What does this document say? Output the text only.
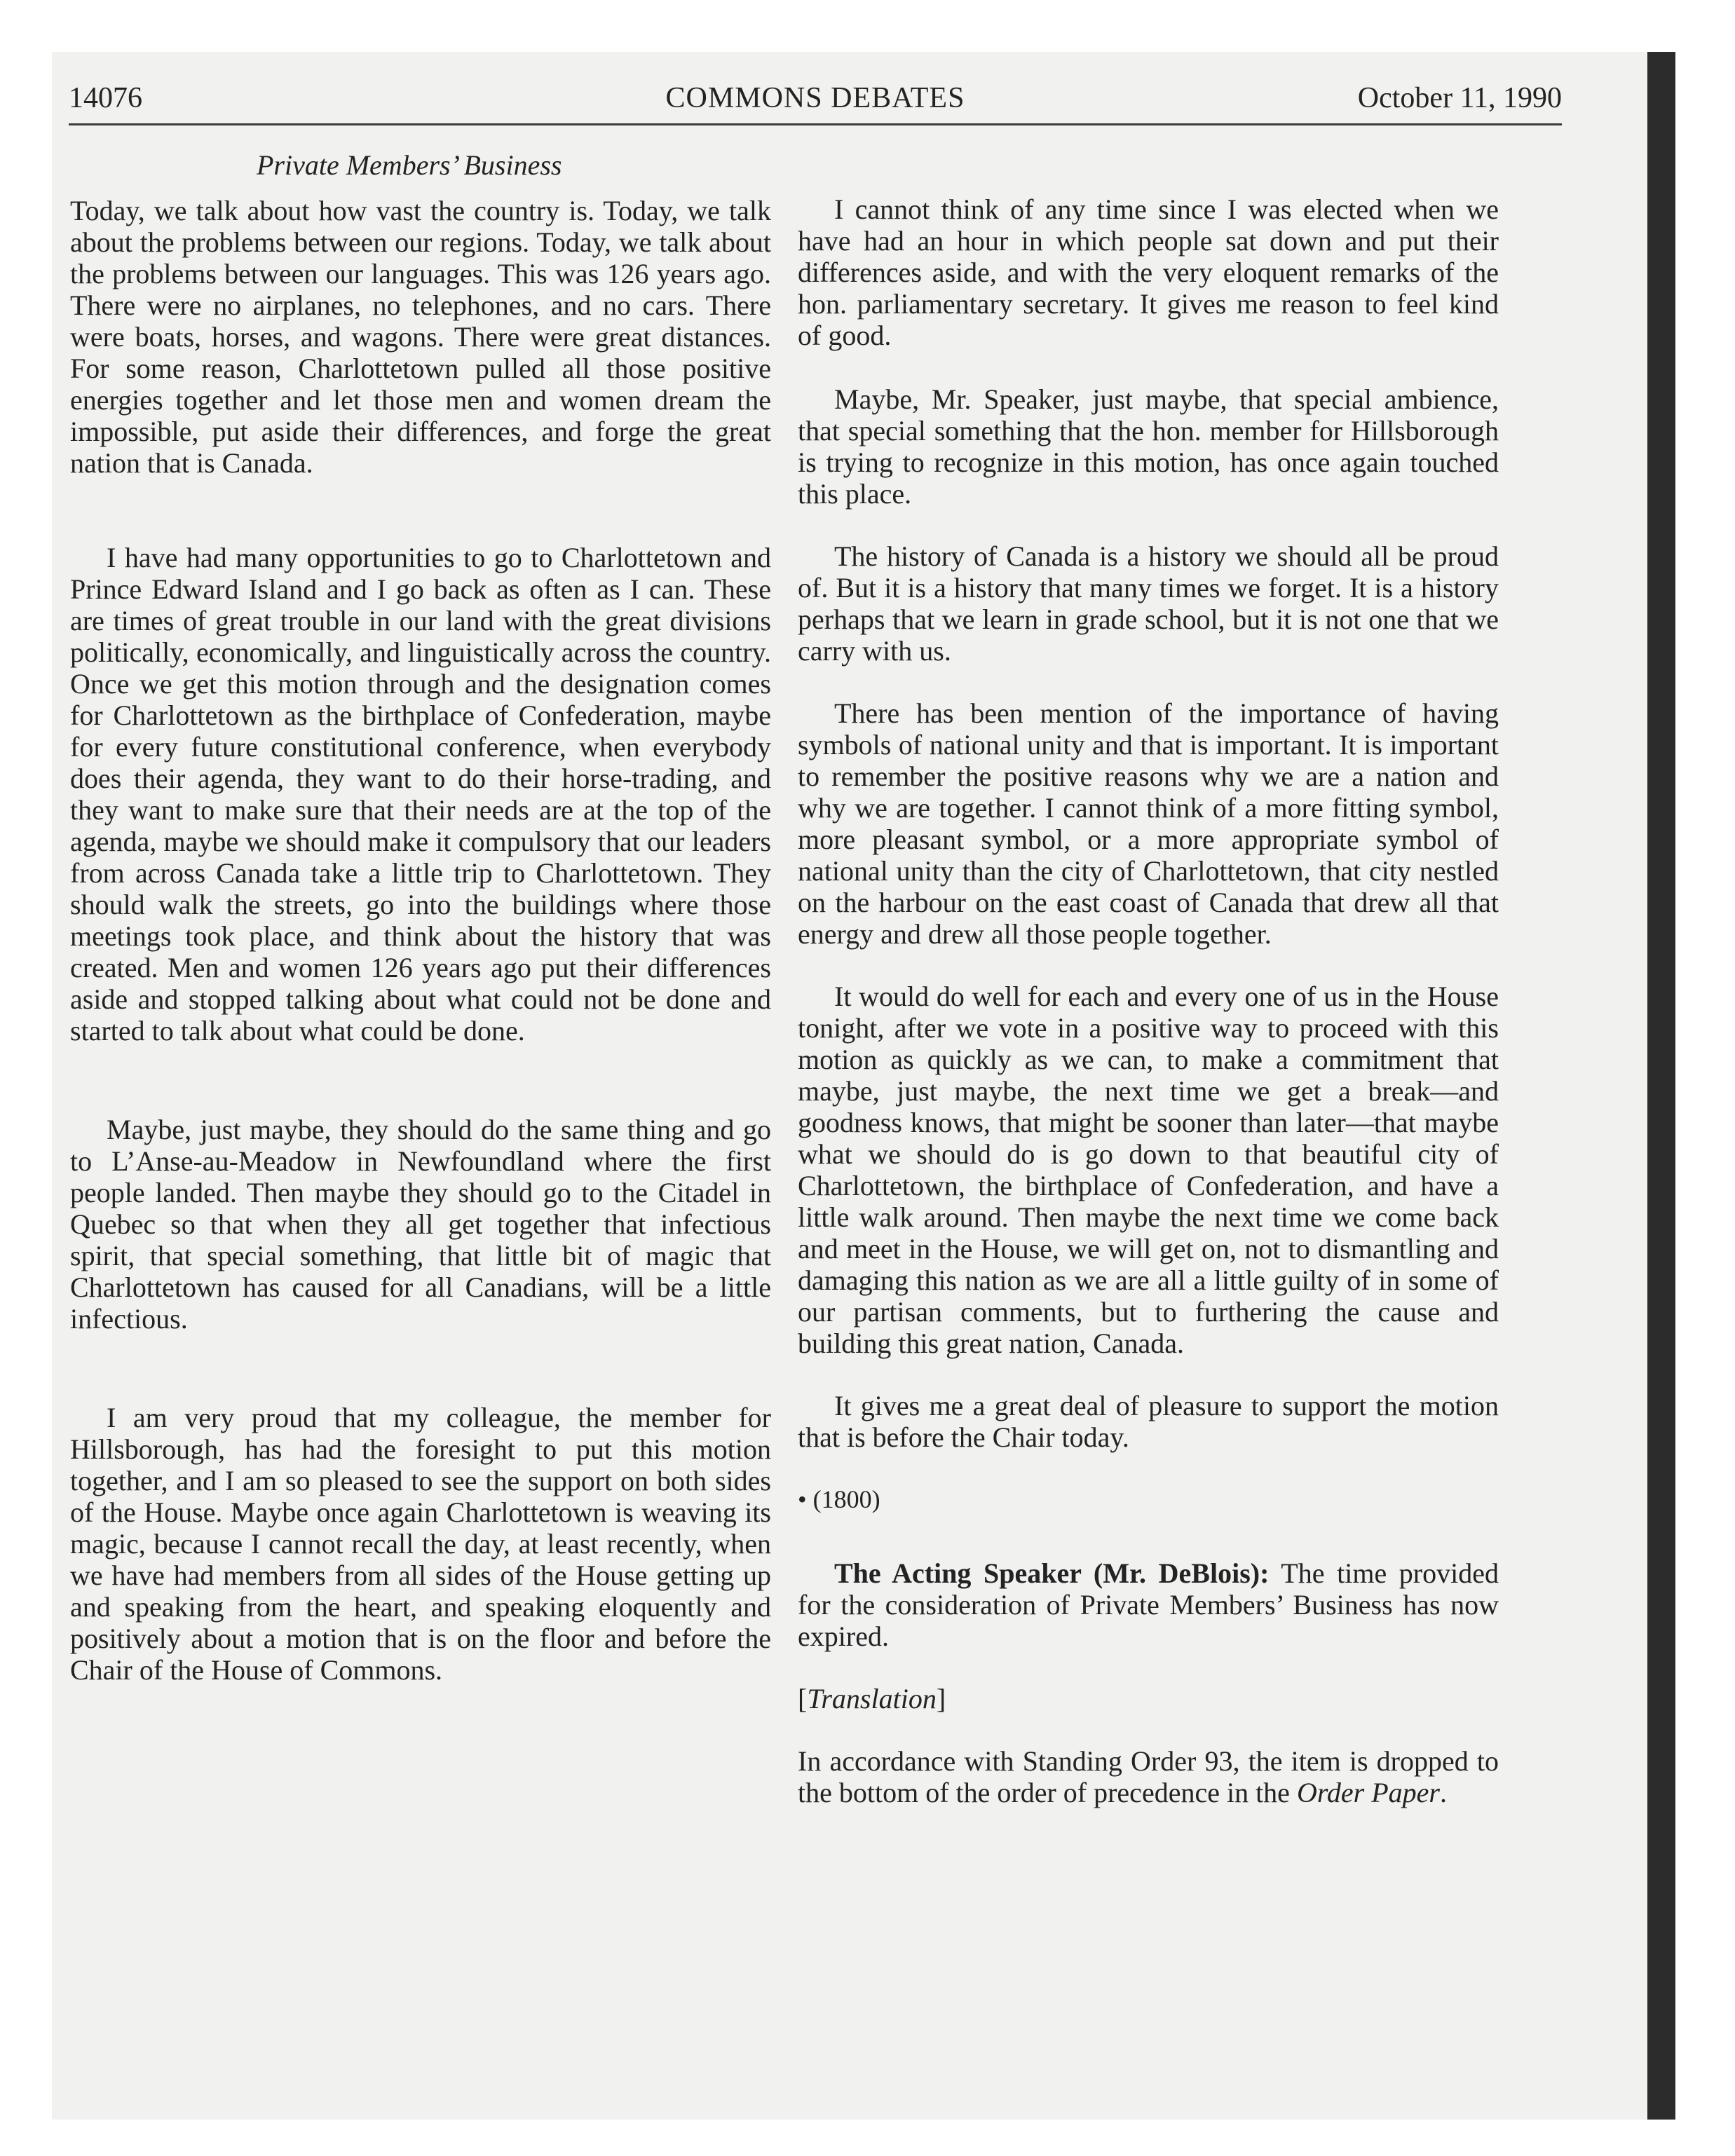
14076	COMMONS DEBATES	October 11, 1990
Private Members’ Business

Today, we talk about how vast the country is. Today, we talk about the problems between our regions. Today, we talk about the problems between our languages. This was 126 years ago. There were no airplanes, no telephones, and no cars. There were boats, horses, and wagons. There were great distances. For some reason, Charlottetown pulled all those positive energies together and let those men and women dream the impossible, put aside their differences, and forge the great nation that is Canada.

I have had many opportunities to go to Charlottetown and Prince Edward Island and I go back as often as I can. These are times of great trouble in our land with the great divisions politically, economically, and linguistically across the country. Once we get this motion through and the designation comes for Charlottetown as the birthplace of Confederation, maybe for every future constitutional conference, when everybody does their agenda, they want to do their horse-trading, and they want to make sure that their needs are at the top of the agenda, maybe we should make it compulsory that our leaders from across Canada take a little trip to Charlottetown. They should walk the streets, go into the buildings where those meetings took place, and think about the history that was created. Men and women 126 years ago put their differences aside and stopped talking about what could not be done and started to talk about what could be done.

Maybe, just maybe, they should do the same thing and go to L’Anse-au-Meadow in Newfoundland where the first people landed. Then maybe they should go to the Citadel in Quebec so that when they all get together that infectious spirit, that special something, that little bit of magic that Charlottetown has caused for all Canadians, will be a little infectious.

I am very proud that my colleague, the member for Hillsborough, has had the foresight to put this motion together, and I am so pleased to see the support on both sides of the House. Maybe once again Charlottetown is weaving its magic, because I cannot recall the day, at least recently, when we have had members from all sides of the House getting up and speaking from the heart, and speaking eloquently and positively about a motion that is on the floor and before the Chair of the House of Commons.

I cannot think of any time since I was elected when we have had an hour in which people sat down and put their differences aside, and with the very eloquent remarks of the hon. parliamentary secretary. It gives me reason to feel kind of good.

Maybe, Mr. Speaker, just maybe, that special ambience, that special something that the hon. member for Hillsborough is trying to recognize in this motion, has once again touched this place.

The history of Canada is a history we should all be proud of. But it is a history that many times we forget. It is a history perhaps that we learn in grade school, but it is not one that we carry with us.

There has been mention of the importance of having symbols of national unity and that is important. It is important to remember the positive reasons why we are a nation and why we are together. I cannot think of a more fitting symbol, more pleasant symbol, or a more appropriate symbol of national unity than the city of Charlottetown, that city nestled on the harbour on the east coast of Canada that drew all that energy and drew all those people together.

It would do well for each and every one of us in the House tonight, after we vote in a positive way to proceed with this motion as quickly as we can, to make a commitment that maybe, just maybe, the next time we get a break—and goodness knows, that might be sooner than later—that maybe what we should do is go down to that beautiful city of Charlottetown, the birthplace of Confederation, and have a little walk around. Then maybe the next time we come back and meet in the House, we will get on, not to dismantling and damaging this nation as we are all a little guilty of in some of our partisan comments, but to furthering the cause and building this great nation, Canada.

It gives me a great deal of pleasure to support the motion that is before the Chair today.

• (1800)

The Acting Speaker (Mr. DeBlois): The time provided for the consideration of Private Members’ Business has now expired.

[Translation]

In accordance with Standing Order 93, the item is dropped to the bottom of the order of precedence in the Order Paper.
